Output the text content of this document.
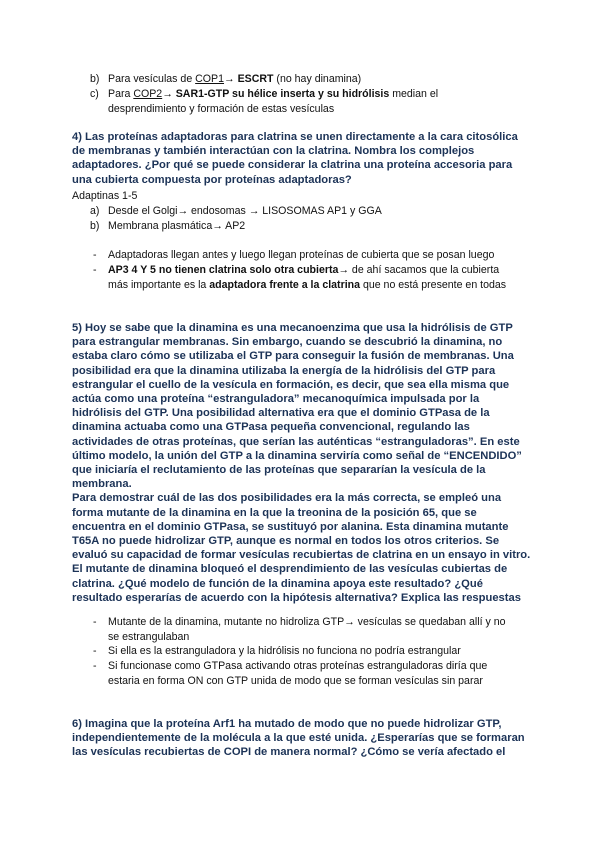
b) Para vesículas de COP1→ ESCRT (no hay dinamina)
c) Para COP2→ SAR1-GTP su hélice inserta y su hidrólisis median el
desprendimiento y formación de estas vesículas
4) Las proteínas adaptadoras para clatrina se unen directamente a la cara citosólica
de membranas y también interactúan con la clatrina. Nombra los complejos
adaptadores. ¿Por qué se puede considerar la clatrina una proteína accesoria para
una cubierta compuesta por proteínas adaptadoras?
Adaptinas 1-5
a) Desde el Golgi→ endosomas → LISOSOMAS AP1 y GGA
b) Membrana plasmática→ AP2
- Adaptadoras llegan antes y luego llegan proteínas de cubierta que se posan luego
- AP3 4 Y 5 no tienen clatrina solo otra cubierta→ de ahí sacamos que la cubierta
más importante es la adaptadora frente a la clatrina que no está presente en todas
5) Hoy se sabe que la dinamina es una mecanoenzima que usa la hidrólisis de GTP
para estrangular membranas. Sin embargo, cuando se descubrió la dinamina, no
estaba claro cómo se utilizaba el GTP para conseguir la fusión de membranas. Una
posibilidad era que la dinamina utilizaba la energía de la hidrólisis del GTP para
estrangular el cuello de la vesícula en formación, es decir, que sea ella misma que
actúa como una proteína “estranguladora” mecanoquímica impulsada por la
hidrólisis del GTP. Una posibilidad alternativa era que el dominio GTPasa de la
dinamina actuaba como una GTPasa pequeña convencional, regulando las
actividades de otras proteínas, que serían las auténticas “estranguladoras”. En este
último modelo, la unión del GTP a la dinamina serviría como señal de “ENCENDIDO”
que iniciaría el reclutamiento de las proteínas que separarían la vesícula de la
membrana.
Para demostrar cuál de las dos posibilidades era la más correcta, se empleó una
forma mutante de la dinamina en la que la treonina de la posición 65, que se
encuentra en el dominio GTPasa, se sustituyó por alanina. Esta dinamina mutante
T65A no puede hidrolizar GTP, aunque es normal en todos los otros criterios. Se
evaluó su capacidad de formar vesículas recubiertas de clatrina en un ensayo in vitro.
El mutante de dinamina bloqueó el desprendimiento de las vesículas cubiertas de
clatrina. ¿Qué modelo de función de la dinamina apoya este resultado? ¿Qué
resultado esperarías de acuerdo con la hipótesis alternativa? Explica las respuestas
- Mutante de la dinamina, mutante no hidroliza GTP→ vesículas se quedaban allí y no
se estrangulaban
- Si ella es la estranguladora y la hidrólisis no funciona no podría estrangular
- Si funcionase como GTPasa activando otras proteínas estranguladoras diría que
estaria en forma ON con GTP unida de modo que se forman vesículas sin parar
6) Imagina que la proteína Arf1 ha mutado de modo que no puede hidrolizar GTP,
independientemente de la molécula a la que esté unida. ¿Esperarías que se formaran
las vesículas recubiertas de COPI de manera normal? ¿Cómo se vería afectado el
